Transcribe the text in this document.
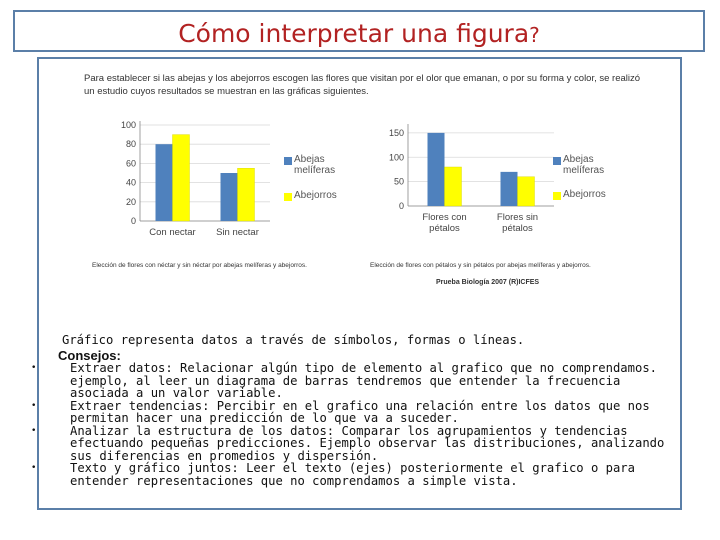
Cómo interpretar una figura?
Para establecer si las abejas y los abejorros escogen las flores que visitan por el olor que emanan, o por su forma y color, se realizó un estudio cuyos resultados se muestran en las gráficas siguientes.
0
20
40
60
80
100
Con nectar Sin nectar
Abejas melíferas
Abejorros
0
50
100
150
Flores con
pétalos
Flores sin
pétalos
Abejas melíferas
Abejorros
Elección de flores con néctar y sin néctar por abejas melíferas y abejorros.	Elección de flores con pétalos y sin pétalos por abejas melíferas y abejorros.
Prueba Biología 2007 (R)ICFES
Gráfico representa datos a través de símbolos, formas o líneas.
Consejos:
•	Extraer datos: Relacionar algún tipo de elemento al grafico que no comprendamos. ejemplo, al leer un diagrama de barras tendremos que entender la frecuencia asociada a un valor variable.
•	Extraer tendencias: Percibir en el grafico una relación entre los datos que nos permitan hacer una predicción de lo que va a suceder.
•	Analizar la estructura de los datos: Comparar los agrupamientos y tendencias efectuando pequeñas predicciones. Ejemplo observar las distribuciones, analizando sus diferencias en promedios y dispersión.
•	Texto y gráfico juntos: Leer el texto (ejes) posteriormente el grafico o para entender representaciones que no comprendamos a simple vista.
